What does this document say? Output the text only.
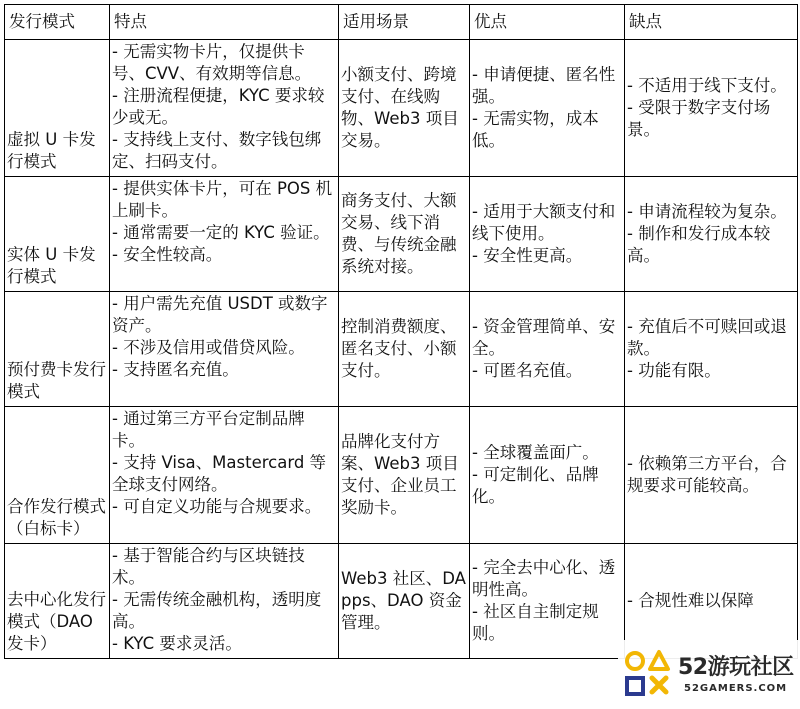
发行模式	特点	适用场景	优点	缺点
虚拟 U 卡发行模式	- 无需实物卡片，仅提供卡号、CVV、有效期等信息。
- 注册流程便捷，KYC 要求较少或无。
- 支持线上支付、数字钱包绑定、扫码支付。	小额支付、跨境支付、在线购物、Web3 项目交易。	- 申请便捷、匿名性强。
- 无需实物，成本低。	- 不适用于线下支付。
- 受限于数字支付场景。

实体 U 卡发行模式	- 提供实体卡片，可在 POS 机上刷卡。
- 通常需要一定的 KYC 验证。
- 安全性较高。	商务支付、大额交易、线下消费、与传统金融系统对接。	- 适用于大额支付和线下使用。
- 安全性更高。	- 申请流程较为复杂。
- 制作和发行成本较高。

预付费卡发行模式	- 用户需先充值 USDT 或数字资产。
- 不涉及信用或借贷风险。
- 支持匿名充值。	控制消费额度、匿名支付、小额支付。	- 资金管理简单、安全。
- 可匿名充值。	- 充值后不可赎回或退款。
- 功能有限。

合作发行模式（白标卡）	- 通过第三方平台定制品牌卡。
- 支持 Visa、Mastercard 等全球支付网络。
- 可自定义功能与合规要求。	品牌化支付方案、Web3 项目支付、企业员工奖励卡。	- 全球覆盖面广。
- 可定制化、品牌化。	- 依赖第三方平台，合规要求可能较高。

去中心化发行模式（DAO 发卡）	- 基于智能合约与区块链技术。
- 无需传统金融机构，透明度高。
- KYC 要求灵活。	Web3 社区、DApps、DAO 资金管理。	- 完全去中心化、透明性高。
- 社区自主制定规则。	- 合规性难以保障
52游玩社区
52GAMERS.COM
